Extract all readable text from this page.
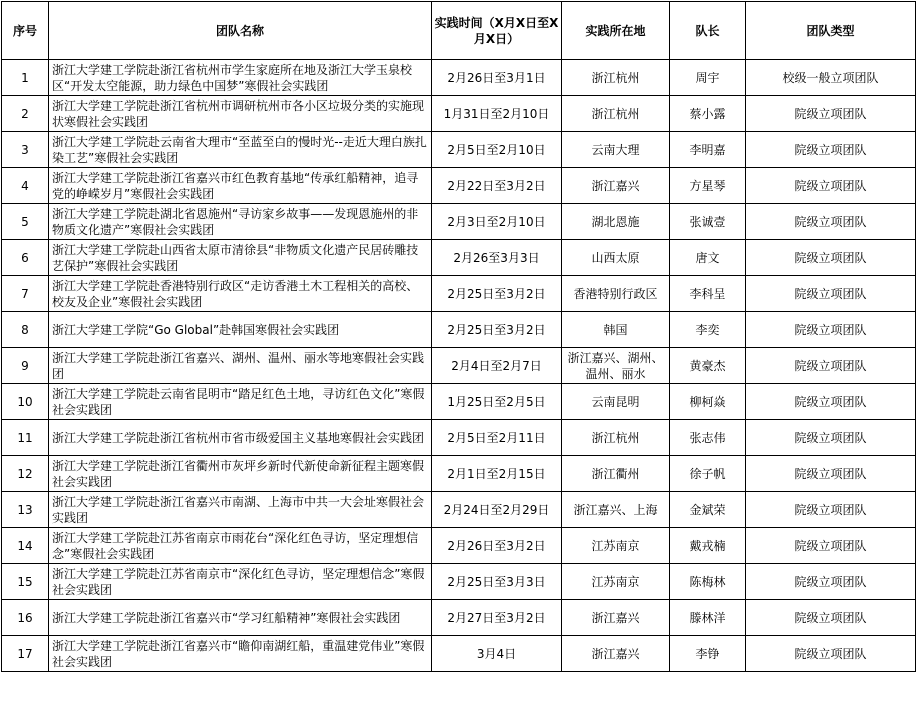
序号	团队名称	实践时间（X月X日至X月X日）	实践所在地	队长	团队类型
1	浙江大学建工学院赴浙江省杭州市学生家庭所在地及浙江大学玉泉校区“开发太空能源，助力绿色中国梦”寒假社会实践团	2月26日至3月1日	浙江杭州	周宇	校级一般立项团队
2	浙江大学建工学院赴浙江省杭州市调研杭州市各小区垃圾分类的实施现状寒假社会实践团	1月31日至2月10日	浙江杭州	蔡小露	院级立项团队
3	浙江大学建工学院赴云南省大理市“至蓝至白的慢时光--走近大理白族扎染工艺”寒假社会实践团	2月5日至2月10日	云南大理	李明嘉	院级立项团队
4	浙江大学建工学院赴浙江省嘉兴市红色教育基地“传承红船精神，追寻党的峥嵘岁月”寒假社会实践团	2月22日至3月2日	浙江嘉兴	方星琴	院级立项团队
5	浙江大学建工学院赴湖北省恩施州“寻访家乡故事——发现恩施州的非物质文化遗产”寒假社会实践团	2月3日至2月10日	湖北恩施	张诚壹	院级立项团队
6	浙江大学建工学院赴山西省太原市清徐县“非物质文化遗产民居砖雕技艺保护”寒假社会实践团	2月26至3月3日	山西太原	唐文	院级立项团队
7	浙江大学建工学院赴香港特别行政区“走访香港土木工程相关的高校、校友及企业”寒假社会实践团	2月25日至3月2日	香港特别行政区	李科呈	院级立项团队
8	浙江大学建工学院“Go Global”赴韩国寒假社会实践团	2月25日至3月2日	韩国	李奕	院级立项团队
9	浙江大学建工学院赴浙江省嘉兴、湖州、温州、丽水等地寒假社会实践团	2月4日至2月7日	浙江嘉兴、湖州、温州、丽水	黄豪杰	院级立项团队
10	浙江大学建工学院赴云南省昆明市“踏足红色土地，寻访红色文化”寒假社会实践团	1月25日至2月5日	云南昆明	柳柯焱	院级立项团队
11	浙江大学建工学院赴浙江省杭州市省市级爱国主义基地寒假社会实践团	2月5日至2月11日	浙江杭州	张志伟	院级立项团队
12	浙江大学建工学院赴浙江省衢州市灰坪乡新时代新使命新征程主题寒假社会实践团	2月1日至2月15日	浙江衢州	徐子帆	院级立项团队
13	浙江大学建工学院赴浙江省嘉兴市南湖、上海市中共一大会址寒假社会实践团	2月24日至2月29日	浙江嘉兴、上海	金斌荣	院级立项团队
14	浙江大学建工学院赴江苏省南京市雨花台“深化红色寻访，坚定理想信念”寒假社会实践团	2月26日至3月2日	江苏南京	戴戎楠	院级立项团队
15	浙江大学建工学院赴江苏省南京市“深化红色寻访，坚定理想信念”寒假社会实践团	2月25日至3月3日	江苏南京	陈梅林	院级立项团队
16	浙江大学建工学院赴浙江省嘉兴市“学习红船精神”寒假社会实践团	2月27日至3月2日	浙江嘉兴	滕林洋	院级立项团队
17	浙江大学建工学院赴浙江省嘉兴市“瞻仰南湖红船，重温建党伟业”寒假社会实践团	3月4日	浙江嘉兴	李铮	院级立项团队
